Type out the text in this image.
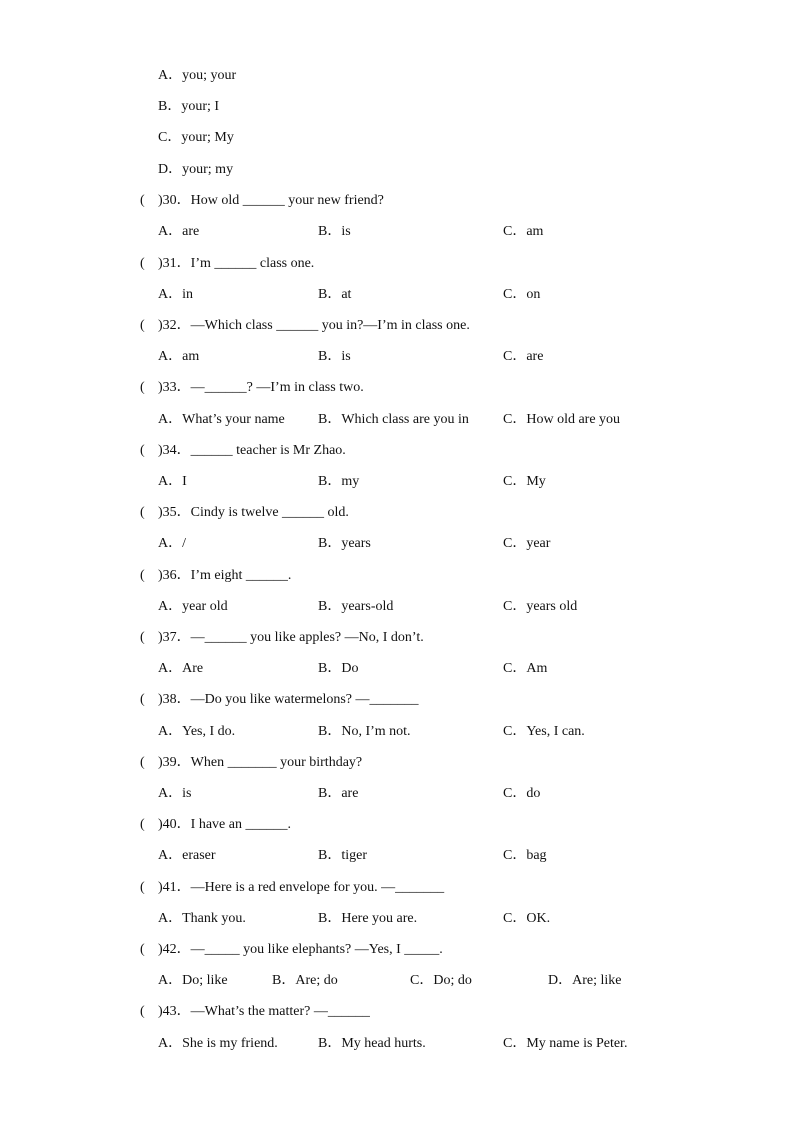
A．you; your
B．your; I
C．your; My
D．your; my
( )30．How old ______ your new friend?
A．are	B．is	C．am
( )31．I’m ______ class one.
A．in	B．at	C．on
( )32．—Which class ______ you in?—I’m in class one.
A．am	B．is	C．are
( )33．—______? —I’m in class two.
A．What’s your name B．Which class are you in C．How old are you
( )34．______ teacher is Mr Zhao.
A．I	B．my	C．My
( )35．Cindy is twelve ______ old.
A．/	B．years	C．year
( )36．I’m eight ______.
A．year old	B．years-old	C．years old
( )37．—______ you like apples? —No, I don’t.
A．Are	B．Do	C．Am
( )38．—Do you like watermelons? —_______
A．Yes, I do.	B．No, I’m not.	C．Yes, I can.
( )39．When _______ your birthday?
A．is	B．are	C．do
( )40．I have an ______.
A．eraser	B．tiger	C．bag
( )41．—Here is a red envelope for you. —_______
A．Thank you.	B．Here you are.	C．OK.
( )42．—_____ you like elephants? —Yes, I _____.
A．Do; like	B．Are; do	C．Do; do	D．Are; like
( )43．—What’s the matter? —______
A．She is my friend.	B．My head hurts.	C．My name is Peter.
